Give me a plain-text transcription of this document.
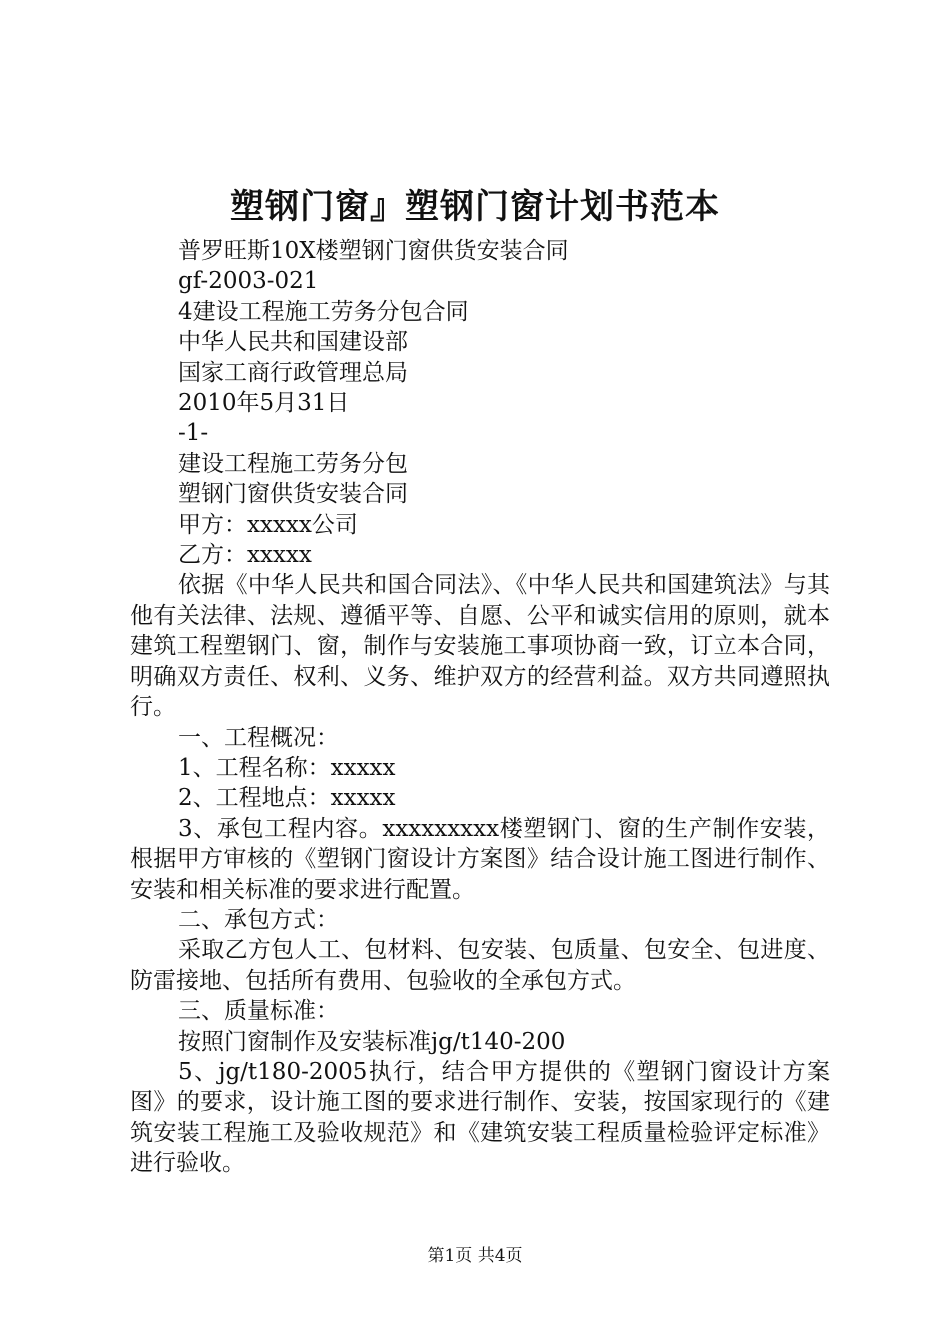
塑钢门窗』塑钢门窗计划书范本

普罗旺斯10X楼塑钢门窗供货安装合同

gf-2003-021

4建设工程施工劳务分包合同

中华人民共和国建设部

国家工商行政管理总局

2010年5月31日

-1-

建设工程施工劳务分包

塑钢门窗供货安装合同

甲方：xxxxx公司

乙方：xxxxx

依据《中华人民共和国合同法》、《中华人民共和国建筑法》与其他有关法律、法规、遵循平等、自愿、公平和诚实信用的原则，就本建筑工程塑钢门、窗，制作与安装施工事项协商一致，订立本合同，明确双方责任、权利、义务、维护双方的经营利益。双方共同遵照执行。

一、工程概况：

1、工程名称：xxxxx

2、工程地点：xxxxx

3、承包工程内容。xxxxxxxxx楼塑钢门、窗的生产制作安装，根据甲方审核的《塑钢门窗设计方案图》结合设计施工图进行制作、安装和相关标准的要求进行配置。

二、承包方式：

采取乙方包人工、包材料、包安装、包质量、包安全、包进度、防雷接地、包括所有费用、包验收的全承包方式。

三、质量标准：

按照门窗制作及安装标准jg/t140-200

5、jg/t180-2005执行，结合甲方提供的《塑钢门窗设计方案图》的要求，设计施工图的要求进行制作、安装，按国家现行的《建筑安装工程施工及验收规范》和《建筑安装工程质量检验评定标准》进行验收。

第1页 共4页
